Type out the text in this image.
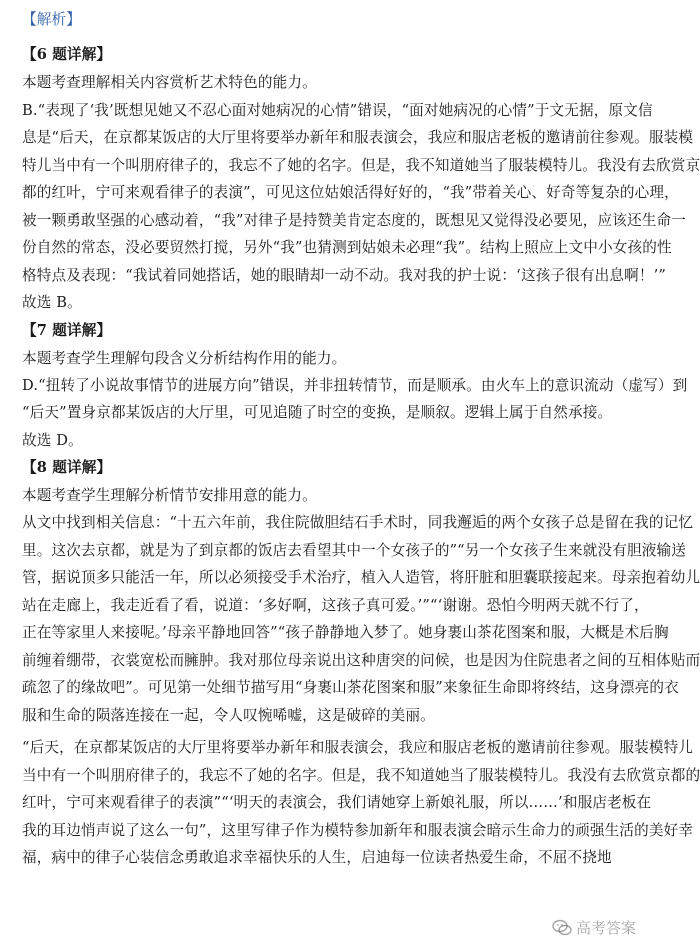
【解析】
【6 题详解】
本题考查理解相关内容赏析艺术特色的能力。
B.“表现了‘我’既想见她又不忍心面对她病况的心情”错误，“面对她病况的心情”于文无据，原文信
息是“后天，在京都某饭店的大厅里将要举办新年和服表演会，我应和服店老板的邀请前往参观。服装模
特儿当中有一个叫朋府律子的，我忘不了她的名字。但是，我不知道她当了服装模特儿。我没有去欣赏京
都的红叶，宁可来观看律子的表演”，可见这位姑娘活得好好的，“我”带着关心、好奇等复杂的心理，
被一颗勇敢坚强的心感动着，“我”对律子是持赞美肯定态度的，既想见又觉得没必要见，应该还生命一
份自然的常态，没必要贸然打搅，另外“我”也猜测到姑娘未必理“我”。结构上照应上文中小女孩的性
格特点及表现：“我试着同她搭话，她的眼睛却一动不动。我对我的护士说：‘这孩子很有出息啊！’”
故选 B。
【7 题详解】
本题考查学生理解句段含义分析结构作用的能力。
D.“扭转了小说故事情节的进展方向”错误，并非扭转情节，而是顺承。由火车上的意识流动（虚写）到
“后天”置身京都某饭店的大厅里，可见追随了时空的变换，是顺叙。逻辑上属于自然承接。
故选 D。
【8 题详解】
本题考查学生理解分析情节安排用意的能力。
从文中找到相关信息：“十五六年前，我住院做胆结石手术时，同我邂逅的两个女孩子总是留在我的记忆
里。这次去京都，就是为了到京都的饭店去看望其中一个女孩子的”“另一个女孩子生来就没有胆液输送
管，据说顶多只能活一年，所以必须接受手术治疗，植入人造管，将肝脏和胆囊联接起来。母亲抱着幼儿
站在走廊上，我走近看了看，说道：‘多好啊，这孩子真可爱。’”“‘谢谢。恐怕今明两天就不行了，
正在等家里人来接呢。’母亲平静地回答”“孩子静静地入梦了。她身裹山茶花图案和服，大概是术后胸
前缠着绷带，衣裳宽松而臃肿。我对那位母亲说出这种唐突的问候，也是因为住院患者之间的互相体贴而
疏忽了的缘故吧”。可见第一处细节描写用“身裹山茶花图案和服”来象征生命即将终结，这身漂亮的衣
服和生命的陨落连接在一起，令人叹惋唏嘘，这是破碎的美丽。
“后天，在京都某饭店的大厅里将要举办新年和服表演会，我应和服店老板的邀请前往参观。服装模特儿
当中有一个叫朋府律子的，我忘不了她的名字。但是，我不知道她当了服装模特儿。我没有去欣赏京都的
红叶，宁可来观看律子的表演”“‘明天的表演会，我们请她穿上新娘礼服，所以……’和服店老板在
我的耳边悄声说了这么一句”，这里写律子作为模特参加新年和服表演会暗示生命力的顽强生活的美好幸
福，病中的律子心装信念勇敢追求幸福快乐的人生，启迪每一位读者热爱生命，不屈不挠地
高考答案
